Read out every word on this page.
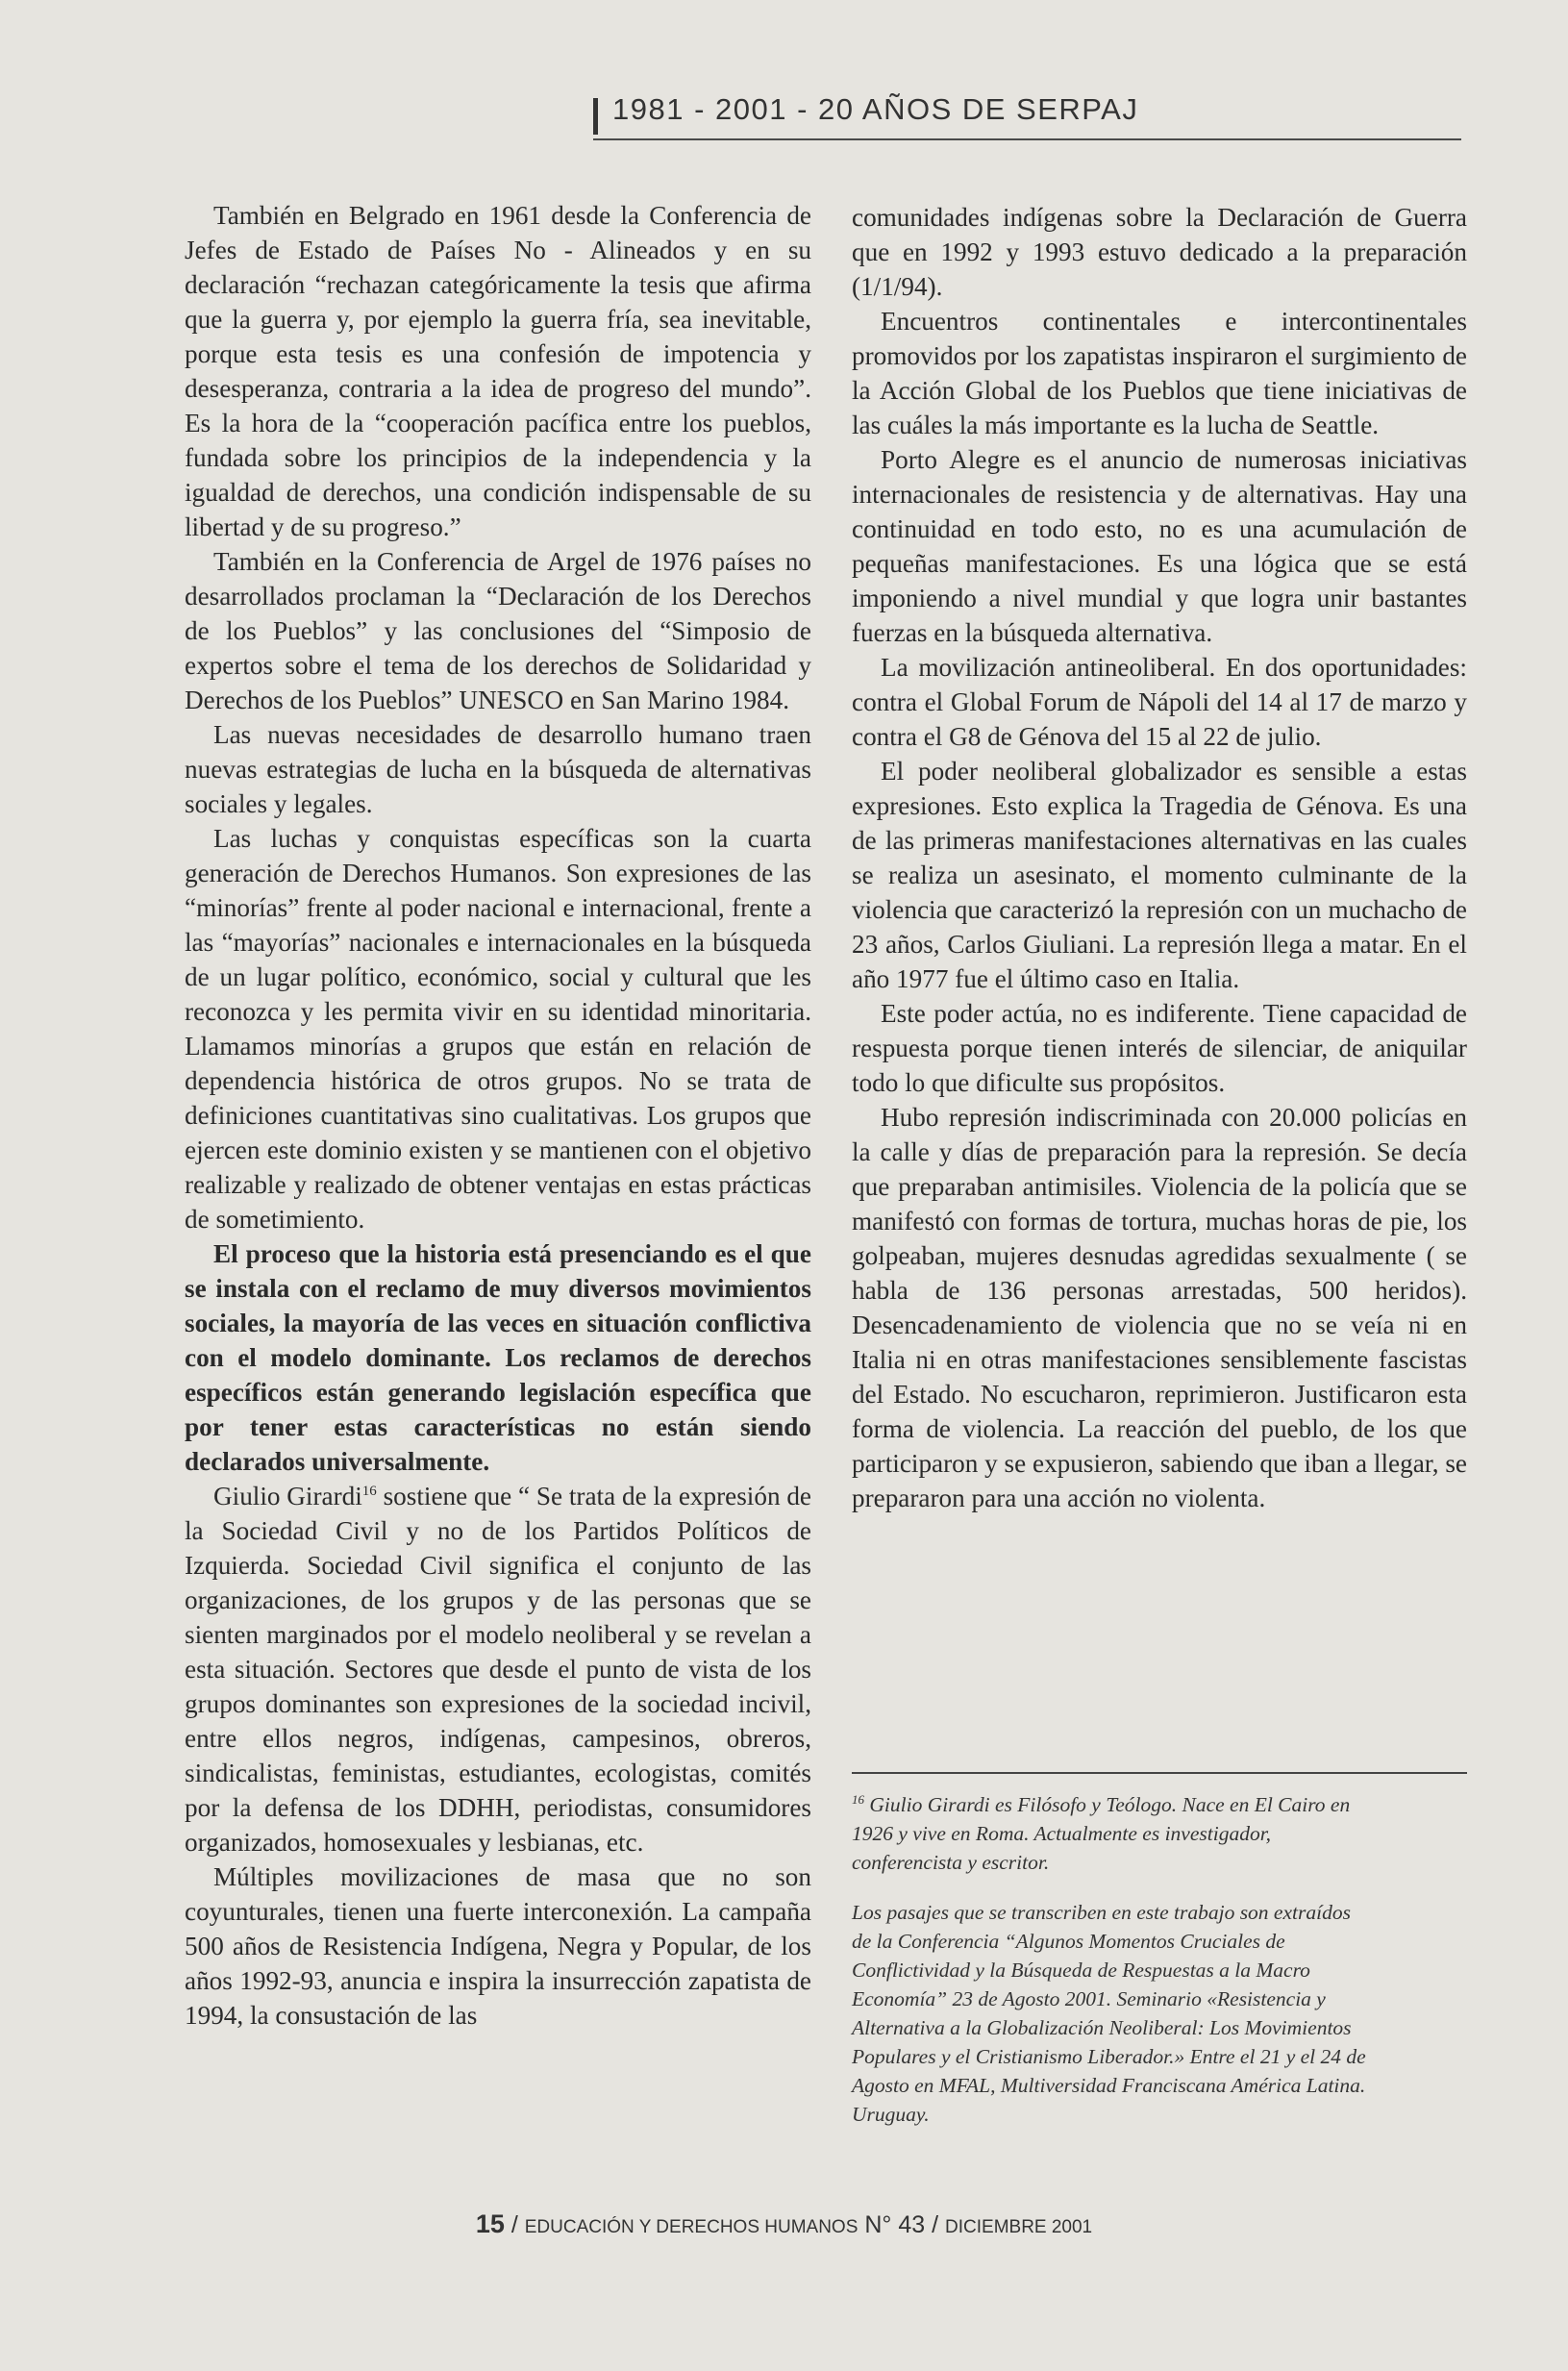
1981 - 2001 - 20 AÑOS DE SERPAJ

También en Belgrado en 1961 desde la Conferencia de Jefes de Estado de Países No - Alineados y en su declaración “rechazan categóricamente la tesis que afirma que la guerra y, por ejemplo la guerra fría, sea inevitable, porque esta tesis es una confesión de impotencia y desesperanza, contraria a la idea de progreso del mundo”. Es la hora de la “cooperación pacífica entre los pueblos, fundada sobre los principios de la independencia y la igualdad de derechos, una condición indispensable de su libertad y de su progreso.”

También en la Conferencia de Argel de 1976 países no desarrollados proclaman la “Declaración de los Derechos de los Pueblos” y las conclusiones del “Simposio de expertos sobre el tema de los derechos de Solidaridad y Derechos de los Pueblos” UNESCO en San Marino 1984.

Las nuevas necesidades de desarrollo humano traen nuevas estrategias de lucha en la búsqueda de alternativas sociales y legales.

Las luchas y conquistas específicas son la cuarta generación de Derechos Humanos. Son expresiones de las “minorías” frente al poder nacional e internacional, frente a las “mayorías” nacionales e internacionales en la búsqueda de un lugar político, económico, social y cultural que les reconozca y les permita vivir en su identidad minoritaria. Llamamos minorías a grupos que están en relación de dependencia histórica de otros grupos. No se trata de definiciones cuantitativas sino cualitativas. Los grupos que ejercen este dominio existen y se mantienen con el objetivo realizable y realizado de obtener ventajas en estas prácticas de sometimiento.

El proceso que la historia está presenciando es el que se instala con el reclamo de muy diversos movimientos sociales, la mayoría de las veces en situación conflictiva con el modelo dominante. Los reclamos de derechos específicos están generando legislación específica que por tener estas características no están siendo declarados universalmente.

Giulio Girardi$^{16}$ sostiene que “ Se trata de la expresión de la Sociedad Civil y no de los Partidos Políticos de Izquierda. Sociedad Civil significa el conjunto de las organizaciones, de los grupos y de las personas que se sienten marginados por el modelo neoliberal y se revelan a esta situación. Sectores que desde el punto de vista de los grupos dominantes son expresiones de la sociedad incivil, entre ellos negros, indígenas, campesinos, obreros, sindicalistas, feministas, estudiantes, ecologistas, comités por la defensa de los DDHH, periodistas, consumidores organizados, homosexuales y lesbianas, etc.

Múltiples movilizaciones de masa que no son coyunturales, tienen una fuerte interconexión. La campaña 500 años de Resistencia Indígena, Negra y Popular, de los años 1992-93, anuncia e inspira la insurrección zapatista de 1994, la consustación de las

comunidades indígenas sobre la Declaración de Guerra que en 1992 y 1993 estuvo dedicado a la preparación (1/1/94).

Encuentros continentales e intercontinentales promovidos por los zapatistas inspiraron el surgimiento de la Acción Global de los Pueblos que tiene iniciativas de las cuáles la más importante es la lucha de Seattle.

Porto Alegre es el anuncio de numerosas iniciativas internacionales de resistencia y de alternativas. Hay una continuidad en todo esto, no es una acumulación de pequeñas manifestaciones. Es una lógica que se está imponiendo a nivel mundial y que logra unir bastantes fuerzas en la búsqueda alternativa.

La movilización antineoliberal. En dos oportunidades: contra el Global Forum de Nápoli del 14 al 17 de marzo y contra el G8 de Génova del 15 al 22 de julio.

El poder neoliberal globalizador es sensible a estas expresiones. Esto explica la Tragedia de Génova. Es una de las primeras manifestaciones alternativas en las cuales se realiza un asesinato, el momento culminante de la violencia que caracterizó la represión con un muchacho de 23 años, Carlos Giuliani. La represión llega a matar. En el año 1977 fue el último caso en Italia.

Este poder actúa, no es indiferente. Tiene capacidad de respuesta porque tienen interés de silenciar, de aniquilar todo lo que dificulte sus propósitos.

Hubo represión indiscriminada con 20.000 policías en la calle y días de preparación para la represión. Se decía que preparaban antimisiles. Violencia de la policía que se manifestó con formas de tortura, muchas horas de pie, los golpeaban, mujeres desnudas agredidas sexualmente ( se habla de 136 personas arrestadas, 500 heridos). Desencadenamiento de violencia que no se veía ni en Italia ni en otras manifestaciones sensiblemente fascistas del Estado. No escucharon, reprimieron. Justificaron esta forma de violencia. La reacción del pueblo, de los que participaron y se expusieron, sabiendo que iban a llegar, se prepararon para una acción no violenta.

$^{16}$ Giulio Girardi es Filósofo y Teólogo. Nace en El Cairo en 1926 y vive en Roma. Actualmente es investigador, conferencista y escritor.

Los pasajes que se transcriben en este trabajo son extraídos de la Conferencia “Algunos Momentos Cruciales de Conflictividad y la Búsqueda de Respuestas a la Macro Economía” 23 de Agosto 2001. Seminario «Resistencia y Alternativa a la Globalización Neoliberal: Los Movimientos Populares y el Cristianismo Liberador.» Entre el 21 y el 24 de Agosto en MFAL, Multiversidad Franciscana América Latina. Uruguay.

15 / EDUCACIÓN Y DERECHOS HUMANOS N° 43 / DICIEMBRE 2001
